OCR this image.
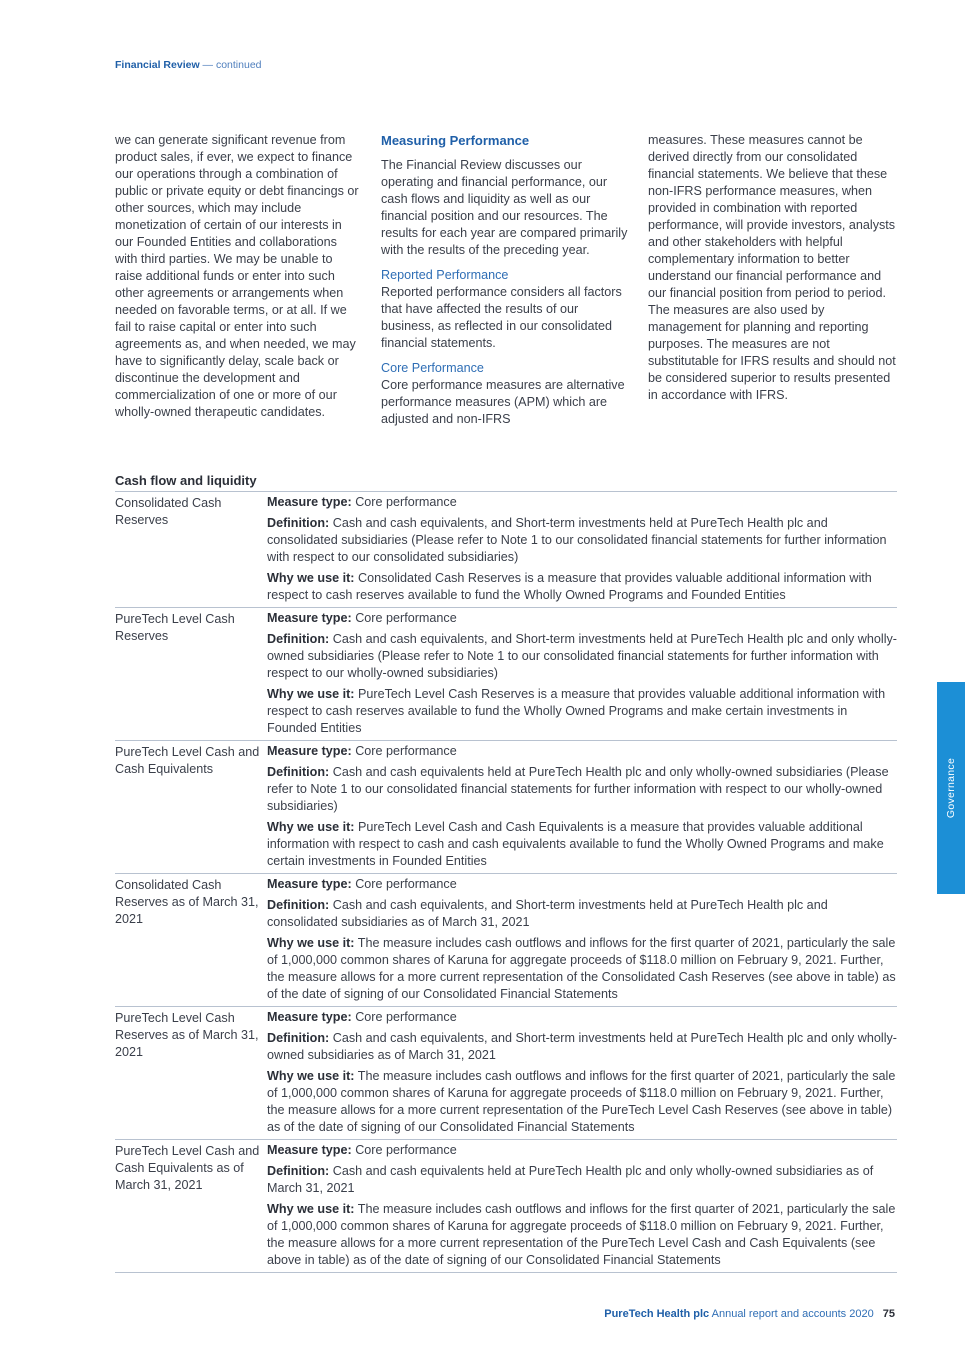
Financial Review — continued

we can generate significant revenue from product sales, if ever, we expect to finance our operations through a combination of public or private equity or debt financings or other sources, which may include monetization of certain of our interests in our Founded Entities and collaborations with third parties. We may be unable to raise additional funds or enter into such other agreements or arrangements when needed on favorable terms, or at all. If we fail to raise capital or enter into such agreements as, and when needed, we may have to significantly delay, scale back or discontinue the development and commercialization of one or more of our wholly-owned therapeutic candidates.

Measuring Performance

The Financial Review discusses our operating and financial performance, our cash flows and liquidity as well as our financial position and our resources. The results for each year are compared primarily with the results of the preceding year.

Reported Performance

Reported performance considers all factors that have affected the results of our business, as reflected in our consolidated financial statements.

Core Performance

Core performance measures are alternative performance measures (APM) which are adjusted and non-IFRS

measures. These measures cannot be derived directly from our consolidated financial statements. We believe that these non-IFRS performance measures, when provided in combination with reported performance, will provide investors, analysts and other stakeholders with helpful complementary information to better understand our financial performance and our financial position from period to period. The measures are also used by management for planning and reporting purposes. The measures are not substitutable for IFRS results and should not be considered superior to results presented in accordance with IFRS.

Cash flow and liquidity
Consolidated Cash Reserves
Measure type: Core performance
Definition: Cash and cash equivalents, and Short-term investments held at PureTech Health plc and consolidated subsidiaries (Please refer to Note 1 to our consolidated financial statements for further information with respect to our consolidated subsidiaries)
Why we use it: Consolidated Cash Reserves is a measure that provides valuable additional information with respect to cash reserves available to fund the Wholly Owned Programs and Founded Entities
PureTech Level Cash Reserves
Measure type: Core performance
Definition: Cash and cash equivalents, and Short-term investments held at PureTech Health plc and only wholly-owned subsidiaries (Please refer to Note 1 to our consolidated financial statements for further information with respect to our wholly-owned subsidiaries)
Why we use it: PureTech Level Cash Reserves is a measure that provides valuable additional information with respect to cash reserves available to fund the Wholly Owned Programs and make certain investments in Founded Entities
PureTech Level Cash and Cash Equivalents
Measure type: Core performance
Definition: Cash and cash equivalents held at PureTech Health plc and only wholly-owned subsidiaries (Please refer to Note 1 to our consolidated financial statements for further information with respect to our wholly-owned subsidiaries)
Why we use it: PureTech Level Cash and Cash Equivalents is a measure that provides valuable additional information with respect to cash and cash equivalents available to fund the Wholly Owned Programs and make certain investments in Founded Entities
Consolidated Cash Reserves as of March 31, 2021
Measure type: Core performance
Definition: Cash and cash equivalents, and Short-term investments held at PureTech Health plc and consolidated subsidiaries as of March 31, 2021
Why we use it: The measure includes cash outflows and inflows for the first quarter of 2021, particularly the sale of 1,000,000 common shares of Karuna for aggregate proceeds of $118.0 million on February 9, 2021. Further, the measure allows for a more current representation of the Consolidated Cash Reserves (see above in table) as of the date of signing of our Consolidated Financial Statements
PureTech Level Cash Reserves as of March 31, 2021
Measure type: Core performance
Definition: Cash and cash equivalents, and Short-term investments held at PureTech Health plc and only wholly-owned subsidiaries as of March 31, 2021
Why we use it: The measure includes cash outflows and inflows for the first quarter of 2021, particularly the sale of 1,000,000 common shares of Karuna for aggregate proceeds of $118.0 million on February 9, 2021. Further, the measure allows for a more current representation of the PureTech Level Cash Reserves (see above in table) as of the date of signing of our Consolidated Financial Statements
PureTech Level Cash and Cash Equivalents as of March 31, 2021
Measure type: Core performance
Definition: Cash and cash equivalents held at PureTech Health plc and only wholly-owned subsidiaries as of March 31, 2021
Why we use it: The measure includes cash outflows and inflows for the first quarter of 2021, particularly the sale of 1,000,000 common shares of Karuna for aggregate proceeds of $118.0 million on February 9, 2021. Further, the measure allows for a more current representation of the PureTech Level Cash and Cash Equivalents (see above in table) as of the date of signing of our Consolidated Financial Statements
Governance
PureTech Health plc Annual report and accounts 2020 75
